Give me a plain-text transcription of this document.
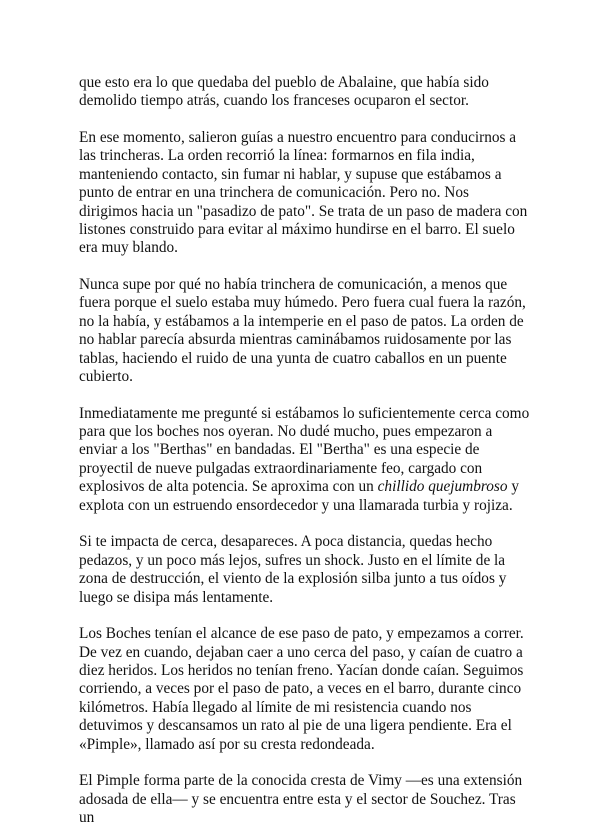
que esto era lo que quedaba del pueblo de Abalaine, que había sido demolido tiempo atrás, cuando los franceses ocuparon el sector.

En ese momento, salieron guías a nuestro encuentro para conducirnos a las trincheras. La orden recorrió la línea: formarnos en fila india, manteniendo contacto, sin fumar ni hablar, y supuse que estábamos a punto de entrar en una trinchera de comunicación. Pero no. Nos dirigimos hacia un "pasadizo de pato". Se trata de un paso de madera con listones construido para evitar al máximo hundirse en el barro. El suelo era muy blando.

Nunca supe por qué no había trinchera de comunicación, a menos que fuera porque el suelo estaba muy húmedo. Pero fuera cual fuera la razón, no la había, y estábamos a la intemperie en el paso de patos. La orden de no hablar parecía absurda mientras caminábamos ruidosamente por las tablas, haciendo el ruido de una yunta de cuatro caballos en un puente cubierto.

Inmediatamente me pregunté si estábamos lo suficientemente cerca como para que los boches nos oyeran. No dudé mucho, pues empezaron a enviar a los "Berthas" en bandadas. El "Bertha" es una especie de proyectil de nueve pulgadas extraordinariamente feo, cargado con explosivos de alta potencia. Se aproxima con un chillido quejumbroso y explota con un estruendo ensordecedor y una llamarada turbia y rojiza.

Si te impacta de cerca, desapareces. A poca distancia, quedas hecho pedazos, y un poco más lejos, sufres un shock. Justo en el límite de la zona de destrucción, el viento de la explosión silba junto a tus oídos y luego se disipa más lentamente.

Los Boches tenían el alcance de ese paso de pato, y empezamos a correr. De vez en cuando, dejaban caer a uno cerca del paso, y caían de cuatro a diez heridos. Los heridos no tenían freno. Yacían donde caían. Seguimos corriendo, a veces por el paso de pato, a veces en el barro, durante cinco kilómetros. Había llegado al límite de mi resistencia cuando nos detuvimos y descansamos un rato al pie de una ligera pendiente. Era el «Pimple», llamado así por su cresta redondeada.

El Pimple forma parte de la conocida cresta de Vimy —es una extensión adosada de ella— y se encuentra entre esta y el sector de Souchez. Tras un
